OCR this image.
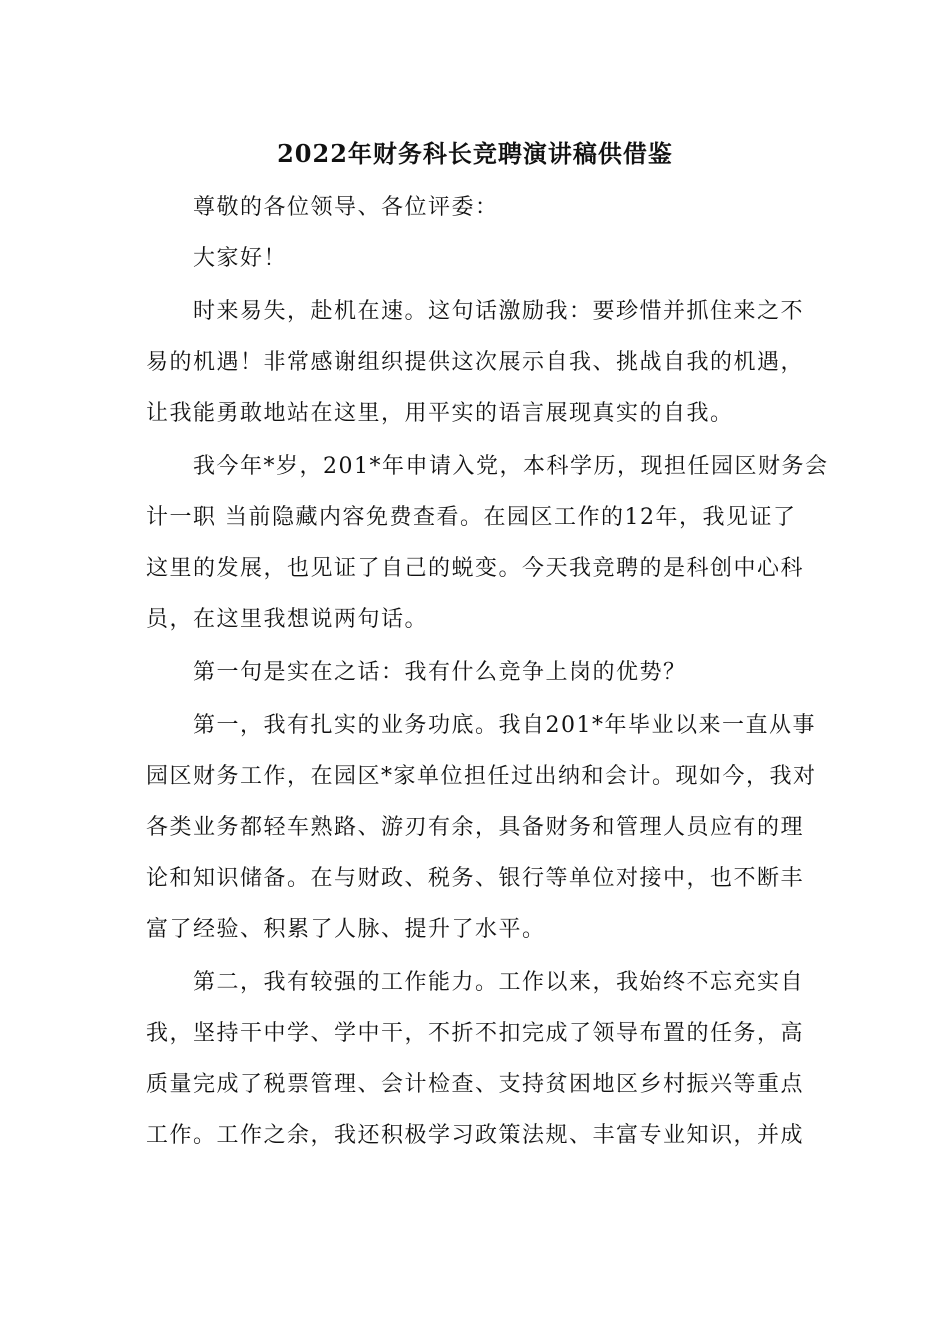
2022年财务科长竞聘演讲稿供借鉴
尊敬的各位领导、各位评委：
大家好！
时来易失，赴机在速。这句话激励我：要珍惜并抓住来之不
易的机遇！非常感谢组织提供这次展示自我、挑战自我的机遇，
让我能勇敢地站在这里，用平实的语言展现真实的自我。
我今年*岁，201*年申请入党，本科学历，现担任园区财务会
计一职 当前隐藏内容免费查看。在园区工作的12年，我见证了
这里的发展，也见证了自己的蜕变。今天我竞聘的是科创中心科
员，在这里我想说两句话。
第一句是实在之话：我有什么竞争上岗的优势？
第一，我有扎实的业务功底。我自201*年毕业以来一直从事
园区财务工作，在园区*家单位担任过出纳和会计。现如今，我对
各类业务都轻车熟路、游刃有余，具备财务和管理人员应有的理
论和知识储备。在与财政、税务、银行等单位对接中，也不断丰
富了经验、积累了人脉、提升了水平。
第二，我有较强的工作能力。工作以来，我始终不忘充实自
我，坚持干中学、学中干，不折不扣完成了领导布置的任务，高
质量完成了税票管理、会计检查、支持贫困地区乡村振兴等重点
工作。工作之余，我还积极学习政策法规、丰富专业知识，并成
